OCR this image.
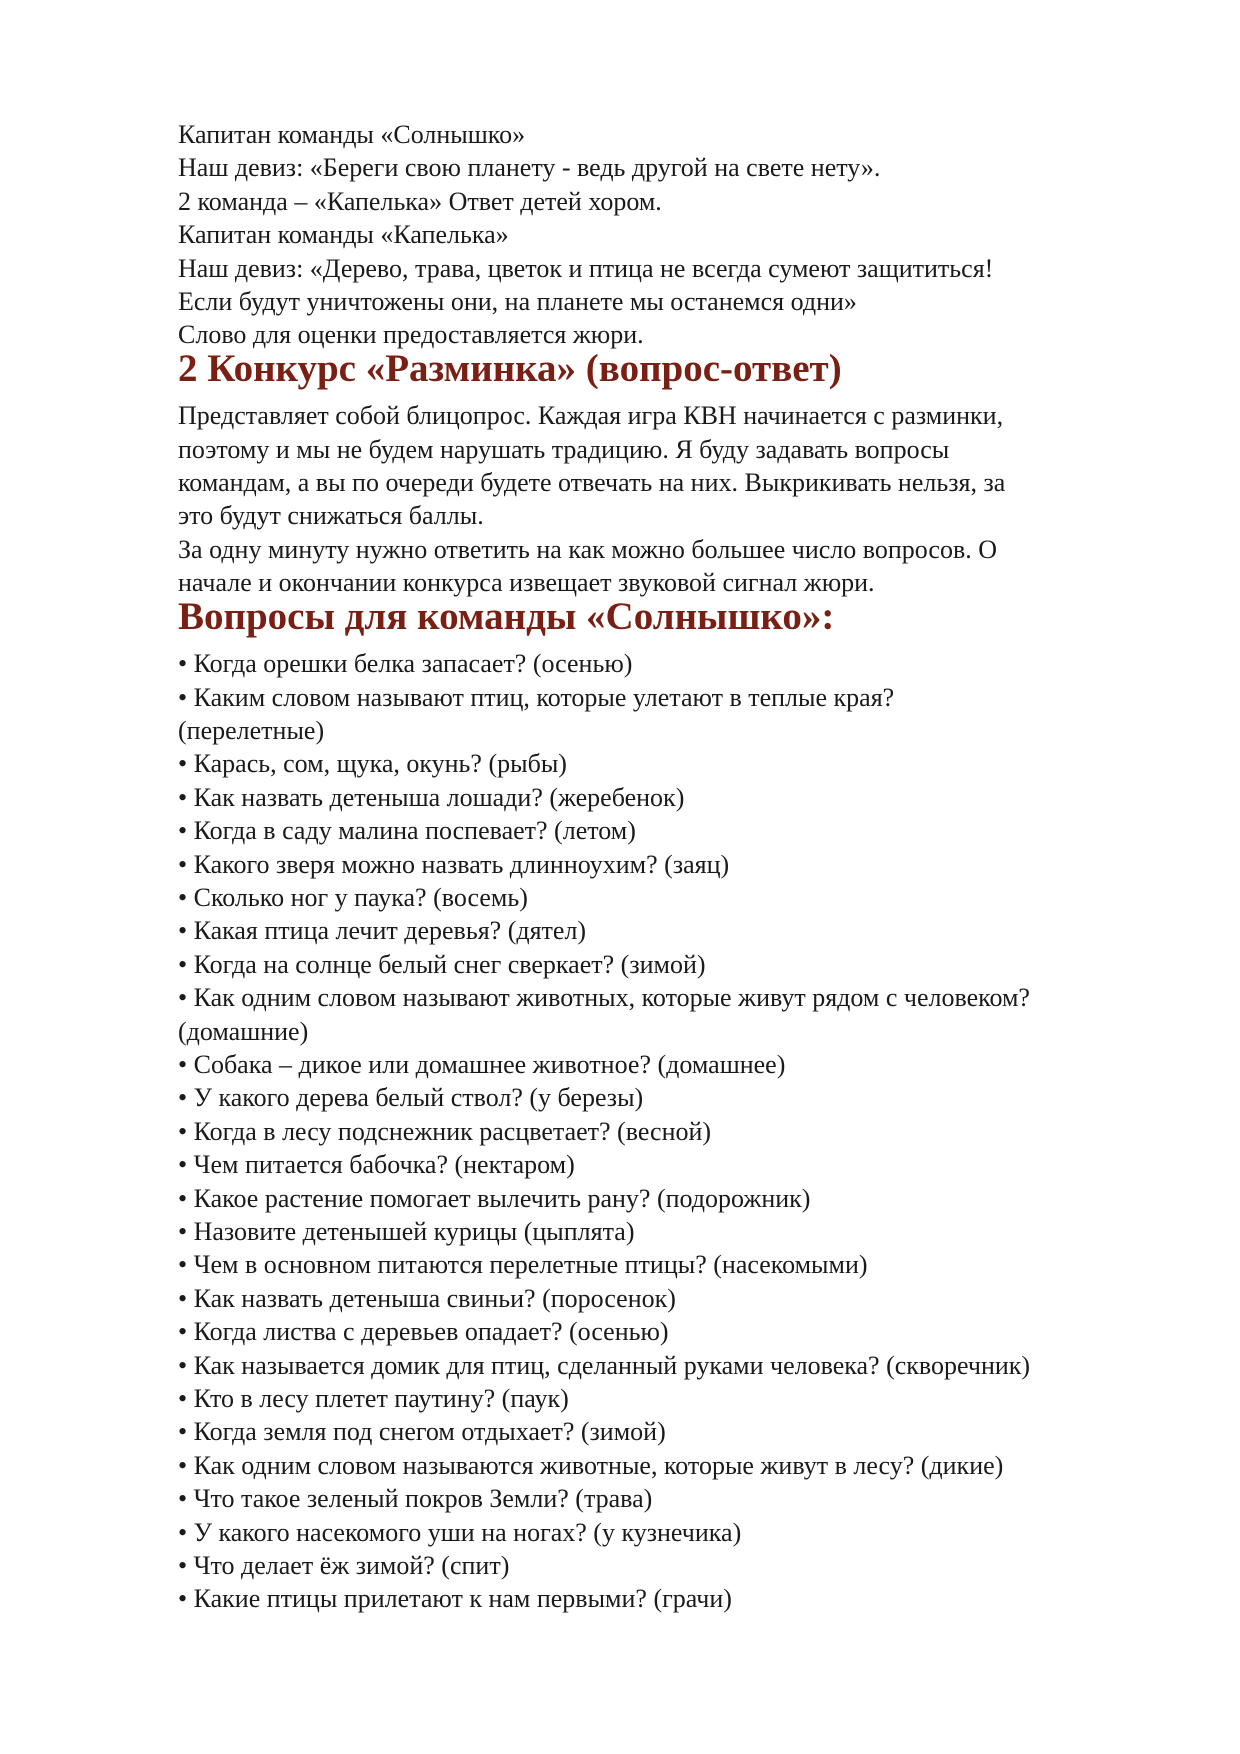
Капитан команды «Солнышко»

Наш девиз: «Береги свою планету - ведь другой на свете нету».

2 команда – «Капелька» Ответ детей хором.

Капитан команды «Капелька»

Наш девиз: «Дерево, трава, цветок и птица не всегда сумеют защититься!

Если будут уничтожены они, на планете мы останемся одни»

Слово для оценки предоставляется жюри.

2 Конкурс «Разминка» (вопрос-ответ)

Представляет собой блицопрос. Каждая игра КВН начинается с разминки,

поэтому и мы не будем нарушать традицию. Я буду задавать вопросы

командам, а вы по очереди будете отвечать на них. Выкрикивать нельзя, за

это будут снижаться баллы.

За одну минуту нужно ответить на как можно большее число вопросов. О

начале и окончании конкурса извещает звуковой сигнал жюри.

Вопросы для команды «Солнышко»:
• Когда орешки белка запасает? (осенью)
• Каким словом называют птиц, которые улетают в теплые края?
(перелетные)
• Карась, сом, щука, окунь? (рыбы)
• Как назвать детеныша лошади? (жеребенок)
• Когда в саду малина поспевает? (летом)
• Какого зверя можно назвать длинноухим? (заяц)
• Сколько ног у паука? (восемь)
• Какая птица лечит деревья? (дятел)
• Когда на солнце белый снег сверкает? (зимой)
• Как одним словом называют животных, которые живут рядом с человеком?
(домашние)
• Собака – дикое или домашнее животное? (домашнее)
• У какого дерева белый ствол? (у березы)
• Когда в лесу подснежник расцветает? (весной)
• Чем питается бабочка? (нектаром)
• Какое растение помогает вылечить рану? (подорожник)
• Назовите детенышей курицы (цыплята)
• Чем в основном питаются перелетные птицы? (насекомыми)
• Как назвать детеныша свиньи? (поросенок)
• Когда листва с деревьев опадает? (осенью)
• Как называется домик для птиц, сделанный руками человека? (скворечник)
• Кто в лесу плетет паутину? (паук)
• Когда земля под снегом отдыхает? (зимой)
• Как одним словом называются животные, которые живут в лесу? (дикие)
• Что такое зеленый покров Земли? (трава)
• У какого насекомого уши на ногах? (у кузнечика)
• Что делает ёж зимой? (спит)
• Какие птицы прилетают к нам первыми? (грачи)
